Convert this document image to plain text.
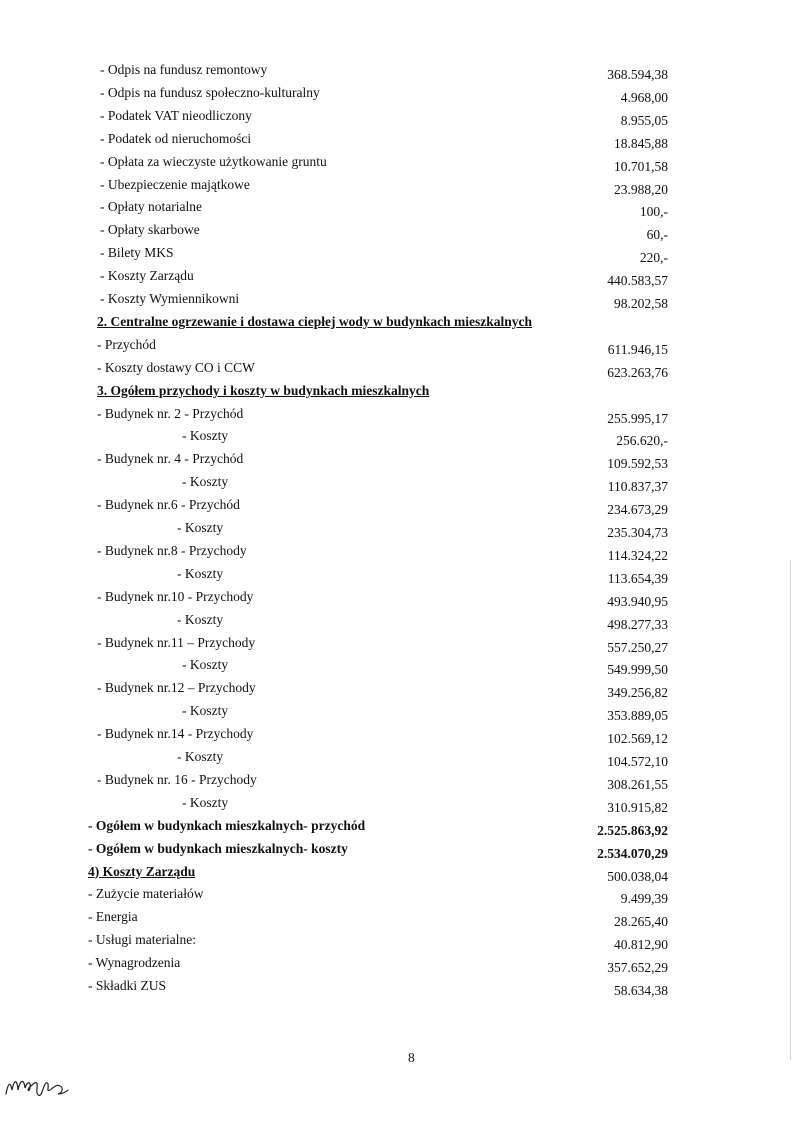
- Odpis na fundusz remontowy	368.594,38
- Odpis na fundusz społeczno-kulturalny	4.968,00
- Podatek VAT nieodliczony	8.955,05
- Podatek od nieruchomości	18.845,88
- Opłata za wieczyste użytkowanie gruntu	10.701,58
- Ubezpieczenie majątkowe	23.988,20
- Opłaty notarialne	100,-
- Opłaty skarbowe	60,-
- Bilety MKS	220,-
- Koszty Zarządu	440.583,57
- Koszty Wymiennikowni	98.202,58
2. Centralne ogrzewanie i dostawa ciepłej wody w budynkach mieszkalnych
- Przychód	611.946,15
- Koszty dostawy CO i CCW	623.263,76
3. Ogółem przychody i koszty w budynkach mieszkalnych
- Budynek nr. 2 - Przychód	255.995,17
- Koszty	256.620,-
- Budynek nr. 4 - Przychód	109.592,53
- Koszty	110.837,37
- Budynek nr.6 - Przychód	234.673,29
- Koszty	235.304,73
- Budynek nr.8 - Przychody	114.324,22
- Koszty	113.654,39
- Budynek nr.10 - Przychody	493.940,95
- Koszty	498.277,33
- Budynek nr.11 – Przychody	557.250,27
- Koszty	549.999,50
- Budynek nr.12 – Przychody	349.256,82
- Koszty	353.889,05
- Budynek nr.14 - Przychody	102.569,12
- Koszty	104.572,10
- Budynek nr. 16 - Przychody	308.261,55
- Koszty	310.915,82
- Ogółem w budynkach mieszkalnych- przychód	2.525.863,92
- Ogółem w budynkach mieszkalnych- koszty	2.534.070,29
4) Koszty Zarządu	500.038,04
- Zużycie materiałów	9.499,39
- Energia	28.265,40
- Usługi materialne:	40.812,90
- Wynagrodzenia	357.652,29
- Składki ZUS	58.634,38
8
